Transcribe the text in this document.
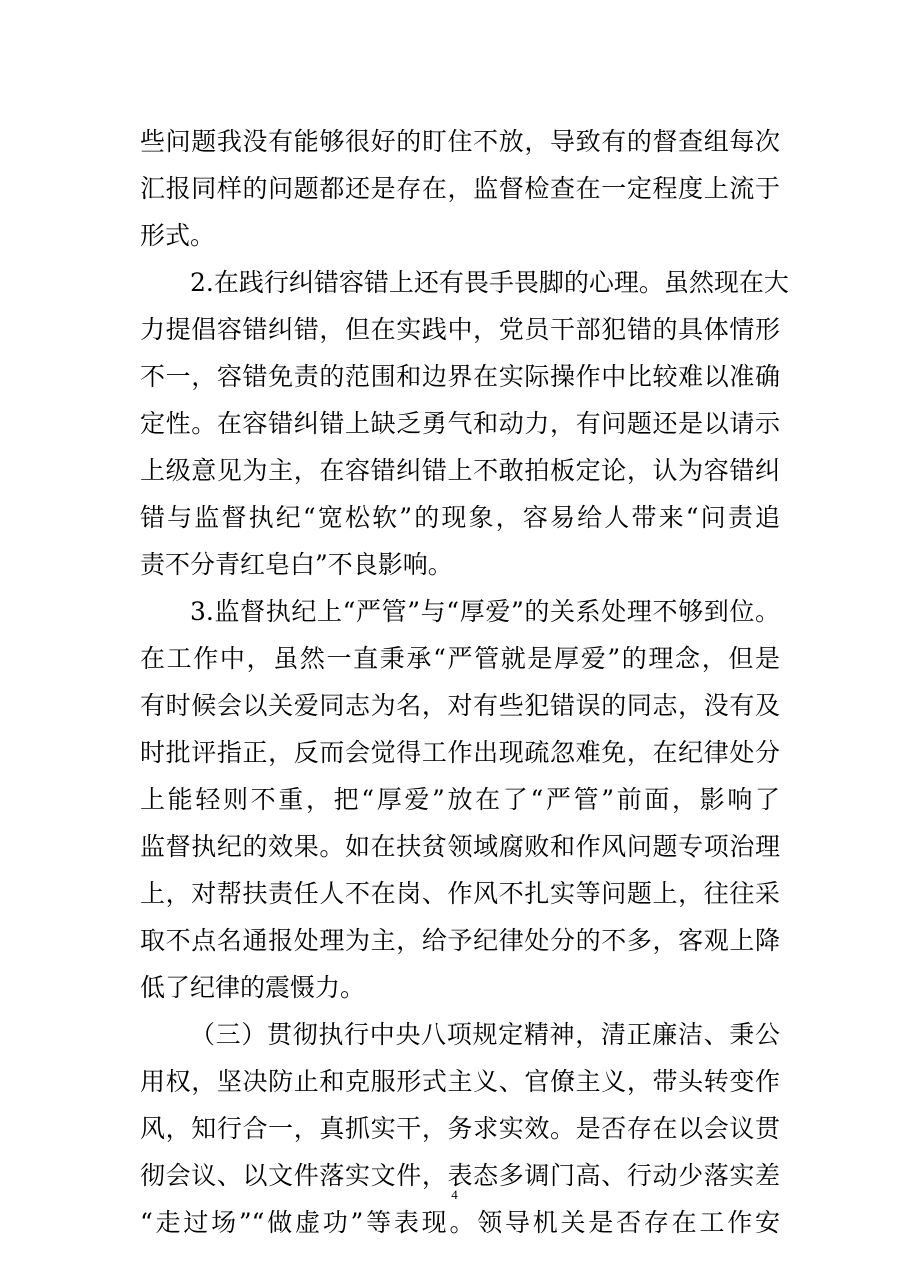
些问题我没有能够很好的盯住不放，导致有的督查组每次
汇报同样的问题都还是存在，监督检查在一定程度上流于
形式。
2.在践行纠错容错上还有畏手畏脚的心理。虽然现在大
力提倡容错纠错，但在实践中，党员干部犯错的具体情形
不一，容错免责的范围和边界在实际操作中比较难以准确
定性。在容错纠错上缺乏勇气和动力，有问题还是以请示
上级意见为主，在容错纠错上不敢拍板定论，认为容错纠
错与监督执纪“宽松软”的现象，容易给人带来“问责追
责不分青红皂白”不良影响。
3.监督执纪上“严管”与“厚爱”的关系处理不够到位。
在工作中，虽然一直秉承“严管就是厚爱”的理念，但是
有时候会以关爱同志为名，对有些犯错误的同志，没有及
时批评指正，反而会觉得工作出现疏忽难免，在纪律处分
上能轻则不重，把“厚爱”放在了“严管”前面，影响了
监督执纪的效果。如在扶贫领域腐败和作风问题专项治理
上，对帮扶责任人不在岗、作风不扎实等问题上，往往采
取不点名通报处理为主，给予纪律处分的不多，客观上降
低了纪律的震慑力。
（三）贯彻执行中央八项规定精神，清正廉洁、秉公
用权，坚决防止和克服形式主义、官僚主义，带头转变作
风，知行合一，真抓实干，务求实效。是否存在以会议贯
彻会议、以文件落实文件，表态多调门高、行动少落实差
“走过场”“做虚功”等表现。领导机关是否存在工作安
4
